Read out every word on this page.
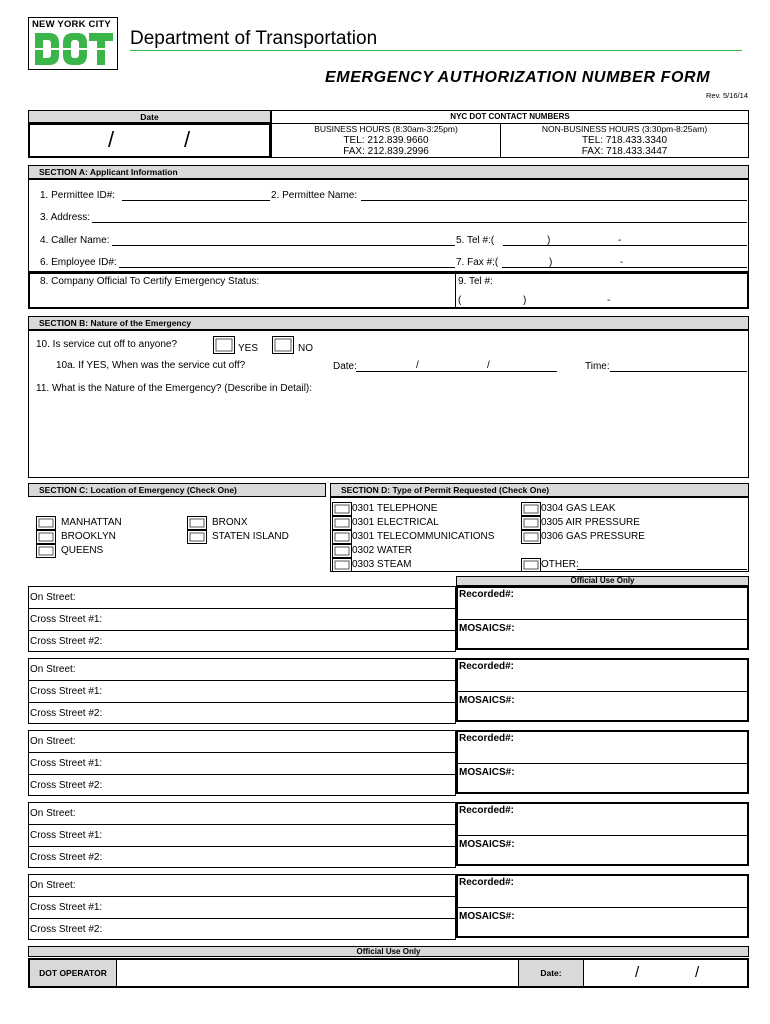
NEW YORK CITY
Department of Transportation
EMERGENCY AUTHORIZATION NUMBER FORM
Rev. 5/16/14
Date
/	/
NYC DOT CONTACT NUMBERS
BUSINESS HOURS (8:30am-3:25pm)
TEL: 212.839.9660
FAX: 212.839.2996
NON-BUSINESS HOURS (3:30pm-8:25am)
TEL: 718.433.3340
FAX: 718.433.3447
SECTION A: Applicant Information
1. Permittee ID#:	2. Permittee Name:
3. Address:
4. Caller Name:	5. Tel #:(	)	-
6. Employee ID#:	7. Fax #:(	)	-
8. Company Official To Certify Emergency Status:	9. Tel #:
(	)	-
SECTION B: Nature of the Emergency
10. Is service cut off to anyone?	YES	NO
10a. If YES, When was the service cut off?	Date:	/	/	Time:
11. What is the Nature of the Emergency? (Describe in Detail):
SECTION C: Location of Emergency (Check One)	SECTION D: Type of Permit Requested (Check One)
MANHATTAN
BROOKLYN
QUEENS
BRONX
STATEN ISLAND
0301 TELEPHONE
0301 ELECTRICAL
0301 TELECOMMUNICATIONS
0302 WATER
0303 STEAM
0304 GAS LEAK
0305 AIR PRESSURE
0306 GAS PRESSURE
OTHER:
Official Use Only
On Street:
Cross Street #1:
Cross Street #2:
Recorded#:
MOSAICS#:
On Street:
Cross Street #1:
Cross Street #2:
Recorded#:
MOSAICS#:
On Street:
Cross Street #1:
Cross Street #2:
Recorded#:
MOSAICS#:
On Street:
Cross Street #1:
Cross Street #2:
Recorded#:
MOSAICS#:
On Street:
Cross Street #1:
Cross Street #2:
Recorded#:
MOSAICS#:
Official Use Only
DOT OPERATOR	Date:	/	/
